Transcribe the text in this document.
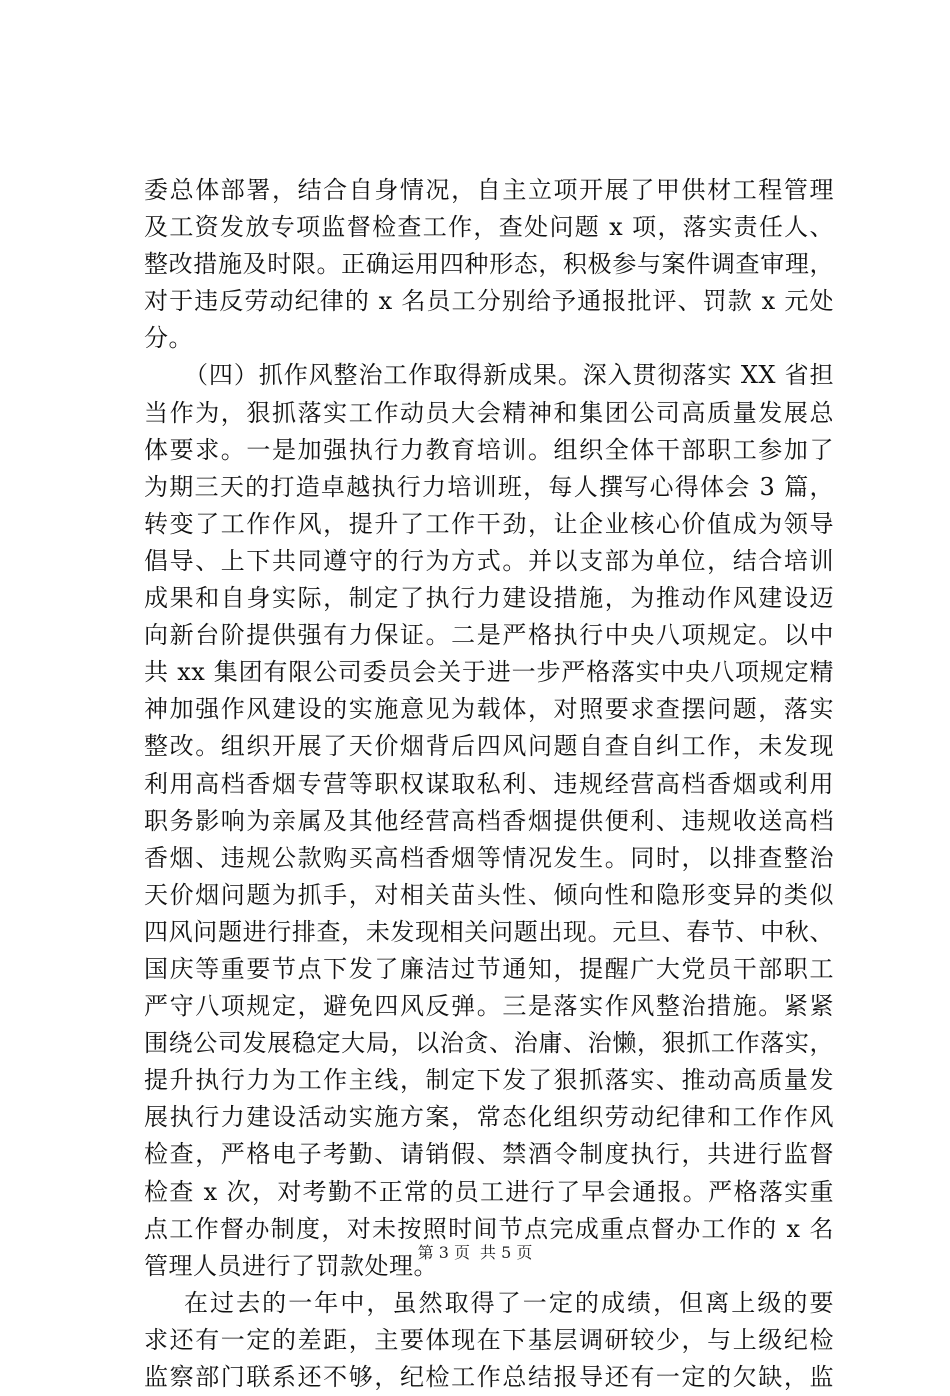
委总体部署，结合自身情况，自主立项开展了甲供材工程管理
及工资发放专项监督检查工作，查处问题 x 项，落实责任人、
整改措施及时限。正确运用四种形态，积极参与案件调查审理，
对于违反劳动纪律的 x 名员工分别给予通报批评、罚款 x 元处
分。
（四）抓作风整治工作取得新成果。深入贯彻落实 XX 省担
当作为，狠抓落实工作动员大会精神和集团公司高质量发展总
体要求。一是加强执行力教育培训。组织全体干部职工参加了
为期三天的打造卓越执行力培训班，每人撰写心得体会 3 篇，
转变了工作作风，提升了工作干劲，让企业核心价值成为领导
倡导、上下共同遵守的行为方式。并以支部为单位，结合培训
成果和自身实际，制定了执行力建设措施，为推动作风建设迈
向新台阶提供强有力保证。二是严格执行中央八项规定。以中
共 xx 集团有限公司委员会关于进一步严格落实中央八项规定精
神加强作风建设的实施意见为载体，对照要求查摆问题，落实
整改。组织开展了天价烟背后四风问题自查自纠工作，未发现
利用高档香烟专营等职权谋取私利、违规经营高档香烟或利用
职务影响为亲属及其他经营高档香烟提供便利、违规收送高档
香烟、违规公款购买高档香烟等情况发生。同时，以排查整治
天价烟问题为抓手，对相关苗头性、倾向性和隐形变异的类似
四风问题进行排查，未发现相关问题出现。元旦、春节、中秋、
国庆等重要节点下发了廉洁过节通知，提醒广大党员干部职工
严守八项规定，避免四风反弹。三是落实作风整治措施。紧紧
围绕公司发展稳定大局，以治贪、治庸、治懒，狠抓工作落实，
提升执行力为工作主线，制定下发了狠抓落实、推动高质量发
展执行力建设活动实施方案，常态化组织劳动纪律和工作作风
检查，严格电子考勤、请销假、禁酒令制度执行，共进行监督
检查 x 次，对考勤不正常的员工进行了早会通报。严格落实重
点工作督办制度，对未按照时间节点完成重点督办工作的 x 名
管理人员进行了罚款处理。
在过去的一年中，虽然取得了一定的成绩，但离上级的要
求还有一定的差距，主要体现在下基层调研较少，与上级纪检
监察部门联系还不够，纪检工作总结报导还有一定的欠缺，监
第 3 页 共 5 页
